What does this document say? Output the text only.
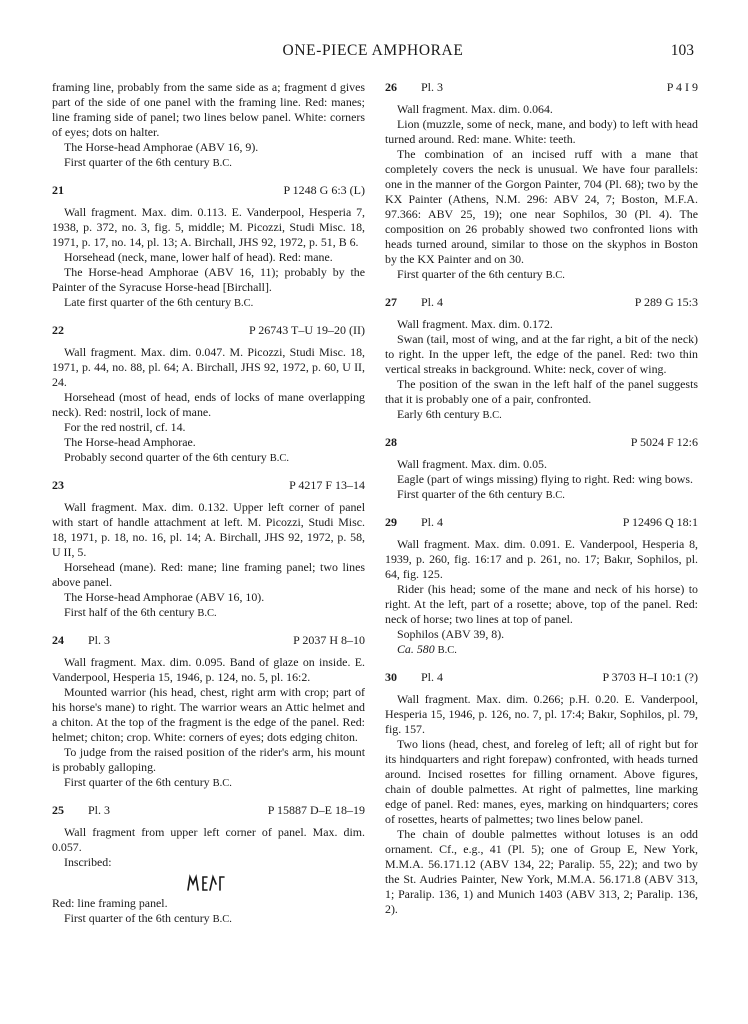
ONE-PIECE AMPHORAE	103

framing line, probably from the same side as a; fragment d gives part of the side of one panel with the framing line. Red: manes; line framing side of panel; two lines below panel. White: corners of eyes; dots on halter.

The Horse-head Amphorae (ABV 16, 9).

First quarter of the 6th century B.C.

21	P 1248 G 6:3 (L)

Wall fragment. Max. dim. 0.113. E. Vanderpool, Hesperia 7, 1938, p. 372, no. 3, fig. 5, middle; M. Picozzi, Studi Misc. 18, 1971, p. 17, no. 14, pl. 13; A. Birchall, JHS 92, 1972, p. 51, B 6.

Horsehead (neck, mane, lower half of head). Red: mane.

The Horse-head Amphorae (ABV 16, 11); probably by the Painter of the Syracuse Horse-head [Birchall].

Late first quarter of the 6th century B.C.

22	P 26743 T–U 19–20 (II)

Wall fragment. Max. dim. 0.047. M. Picozzi, Studi Misc. 18, 1971, p. 44, no. 88, pl. 64; A. Birchall, JHS 92, 1972, p. 60, U II, 24.

Horsehead (most of head, ends of locks of mane overlapping neck). Red: nostril, lock of mane.

For the red nostril, cf. 14.

The Horse-head Amphorae.

Probably second quarter of the 6th century B.C.

23	P 4217 F 13–14

Wall fragment. Max. dim. 0.132. Upper left corner of panel with start of handle attachment at left. M. Picozzi, Studi Misc. 18, 1971, p. 18, no. 16, pl. 14; A. Birchall, JHS 92, 1972, p. 58, U II, 5.

Horsehead (mane). Red: mane; line framing panel; two lines above panel.

The Horse-head Amphorae (ABV 16, 10).

First half of the 6th century B.C.

24 Pl. 3	P 2037 H 8–10

Wall fragment. Max. dim. 0.095. Band of glaze on inside. E. Vanderpool, Hesperia 15, 1946, p. 124, no. 5, pl. 16:2.

Mounted warrior (his head, chest, right arm with crop; part of his horse's mane) to right. The warrior wears an Attic helmet and a chiton. At the top of the fragment is the edge of the panel. Red: helmet; chiton; crop. White: corners of eyes; dots edging chiton.

To judge from the raised position of the rider's arm, his mount is probably galloping.

First quarter of the 6th century B.C.

25 Pl. 3	P 15887 D–E 18–19

Wall fragment from upper left corner of panel. Max. dim. 0.057.

Inscribed:

Red: line framing panel.

First quarter of the 6th century B.C.

26 Pl. 3	P 4 I 9

Wall fragment. Max. dim. 0.064.

Lion (muzzle, some of neck, mane, and body) to left with head turned around. Red: mane. White: teeth.

The combination of an incised ruff with a mane that completely covers the neck is unusual. We have four parallels: one in the manner of the Gorgon Painter, 704 (Pl. 68); two by the KX Painter (Athens, N.M. 296: ABV 24, 7; Boston, M.F.A. 97.366: ABV 25, 19); one near Sophilos, 30 (Pl. 4). The composition on 26 probably showed two confronted lions with heads turned around, similar to those on the skyphos in Boston by the KX Painter and on 30.

First quarter of the 6th century B.C.

27 Pl. 4	P 289 G 15:3

Wall fragment. Max. dim. 0.172.

Swan (tail, most of wing, and at the far right, a bit of the neck) to right. In the upper left, the edge of the panel. Red: two thin vertical streaks in background. White: neck, cover of wing.

The position of the swan in the left half of the panel suggests that it is probably one of a pair, confronted.

Early 6th century B.C.

28	P 5024 F 12:6

Wall fragment. Max. dim. 0.05.

Eagle (part of wings missing) flying to right. Red: wing bows.

First quarter of the 6th century B.C.

29 Pl. 4	P 12496 Q 18:1

Wall fragment. Max. dim. 0.091. E. Vanderpool, Hesperia 8, 1939, p. 260, fig. 16:17 and p. 261, no. 17; Bakır, Sophilos, pl. 64, fig. 125.

Rider (his head; some of the mane and neck of his horse) to right. At the left, part of a rosette; above, top of the panel. Red: neck of horse; two lines at top of panel.

Sophilos (ABV 39, 8).

Ca. 580 B.C.

30 Pl. 4	P 3703 H–I 10:1 (?)

Wall fragment. Max. dim. 0.266; p.H. 0.20. E. Vanderpool, Hesperia 15, 1946, p. 126, no. 7, pl. 17:4; Bakır, Sophilos, pl. 79, fig. 157.

Two lions (head, chest, and foreleg of left; all of right but for its hindquarters and right forepaw) confronted, with heads turned around. Incised rosettes for filling ornament. Above figures, chain of double palmettes. At right of palmettes, line marking edge of panel. Red: manes, eyes, marking on hindquarters; cores of rosettes, hearts of palmettes; two lines below panel.

The chain of double palmettes without lotuses is an odd ornament. Cf., e.g., 41 (Pl. 5); one of Group E, New York, M.M.A. 56.171.12 (ABV 134, 22; Paralip. 55, 22); and two by the St. Audries Painter, New York, M.M.A. 56.171.8 (ABV 313, 1; Paralip. 136, 1) and Munich 1403 (ABV 313, 2; Paralip. 136, 2).
